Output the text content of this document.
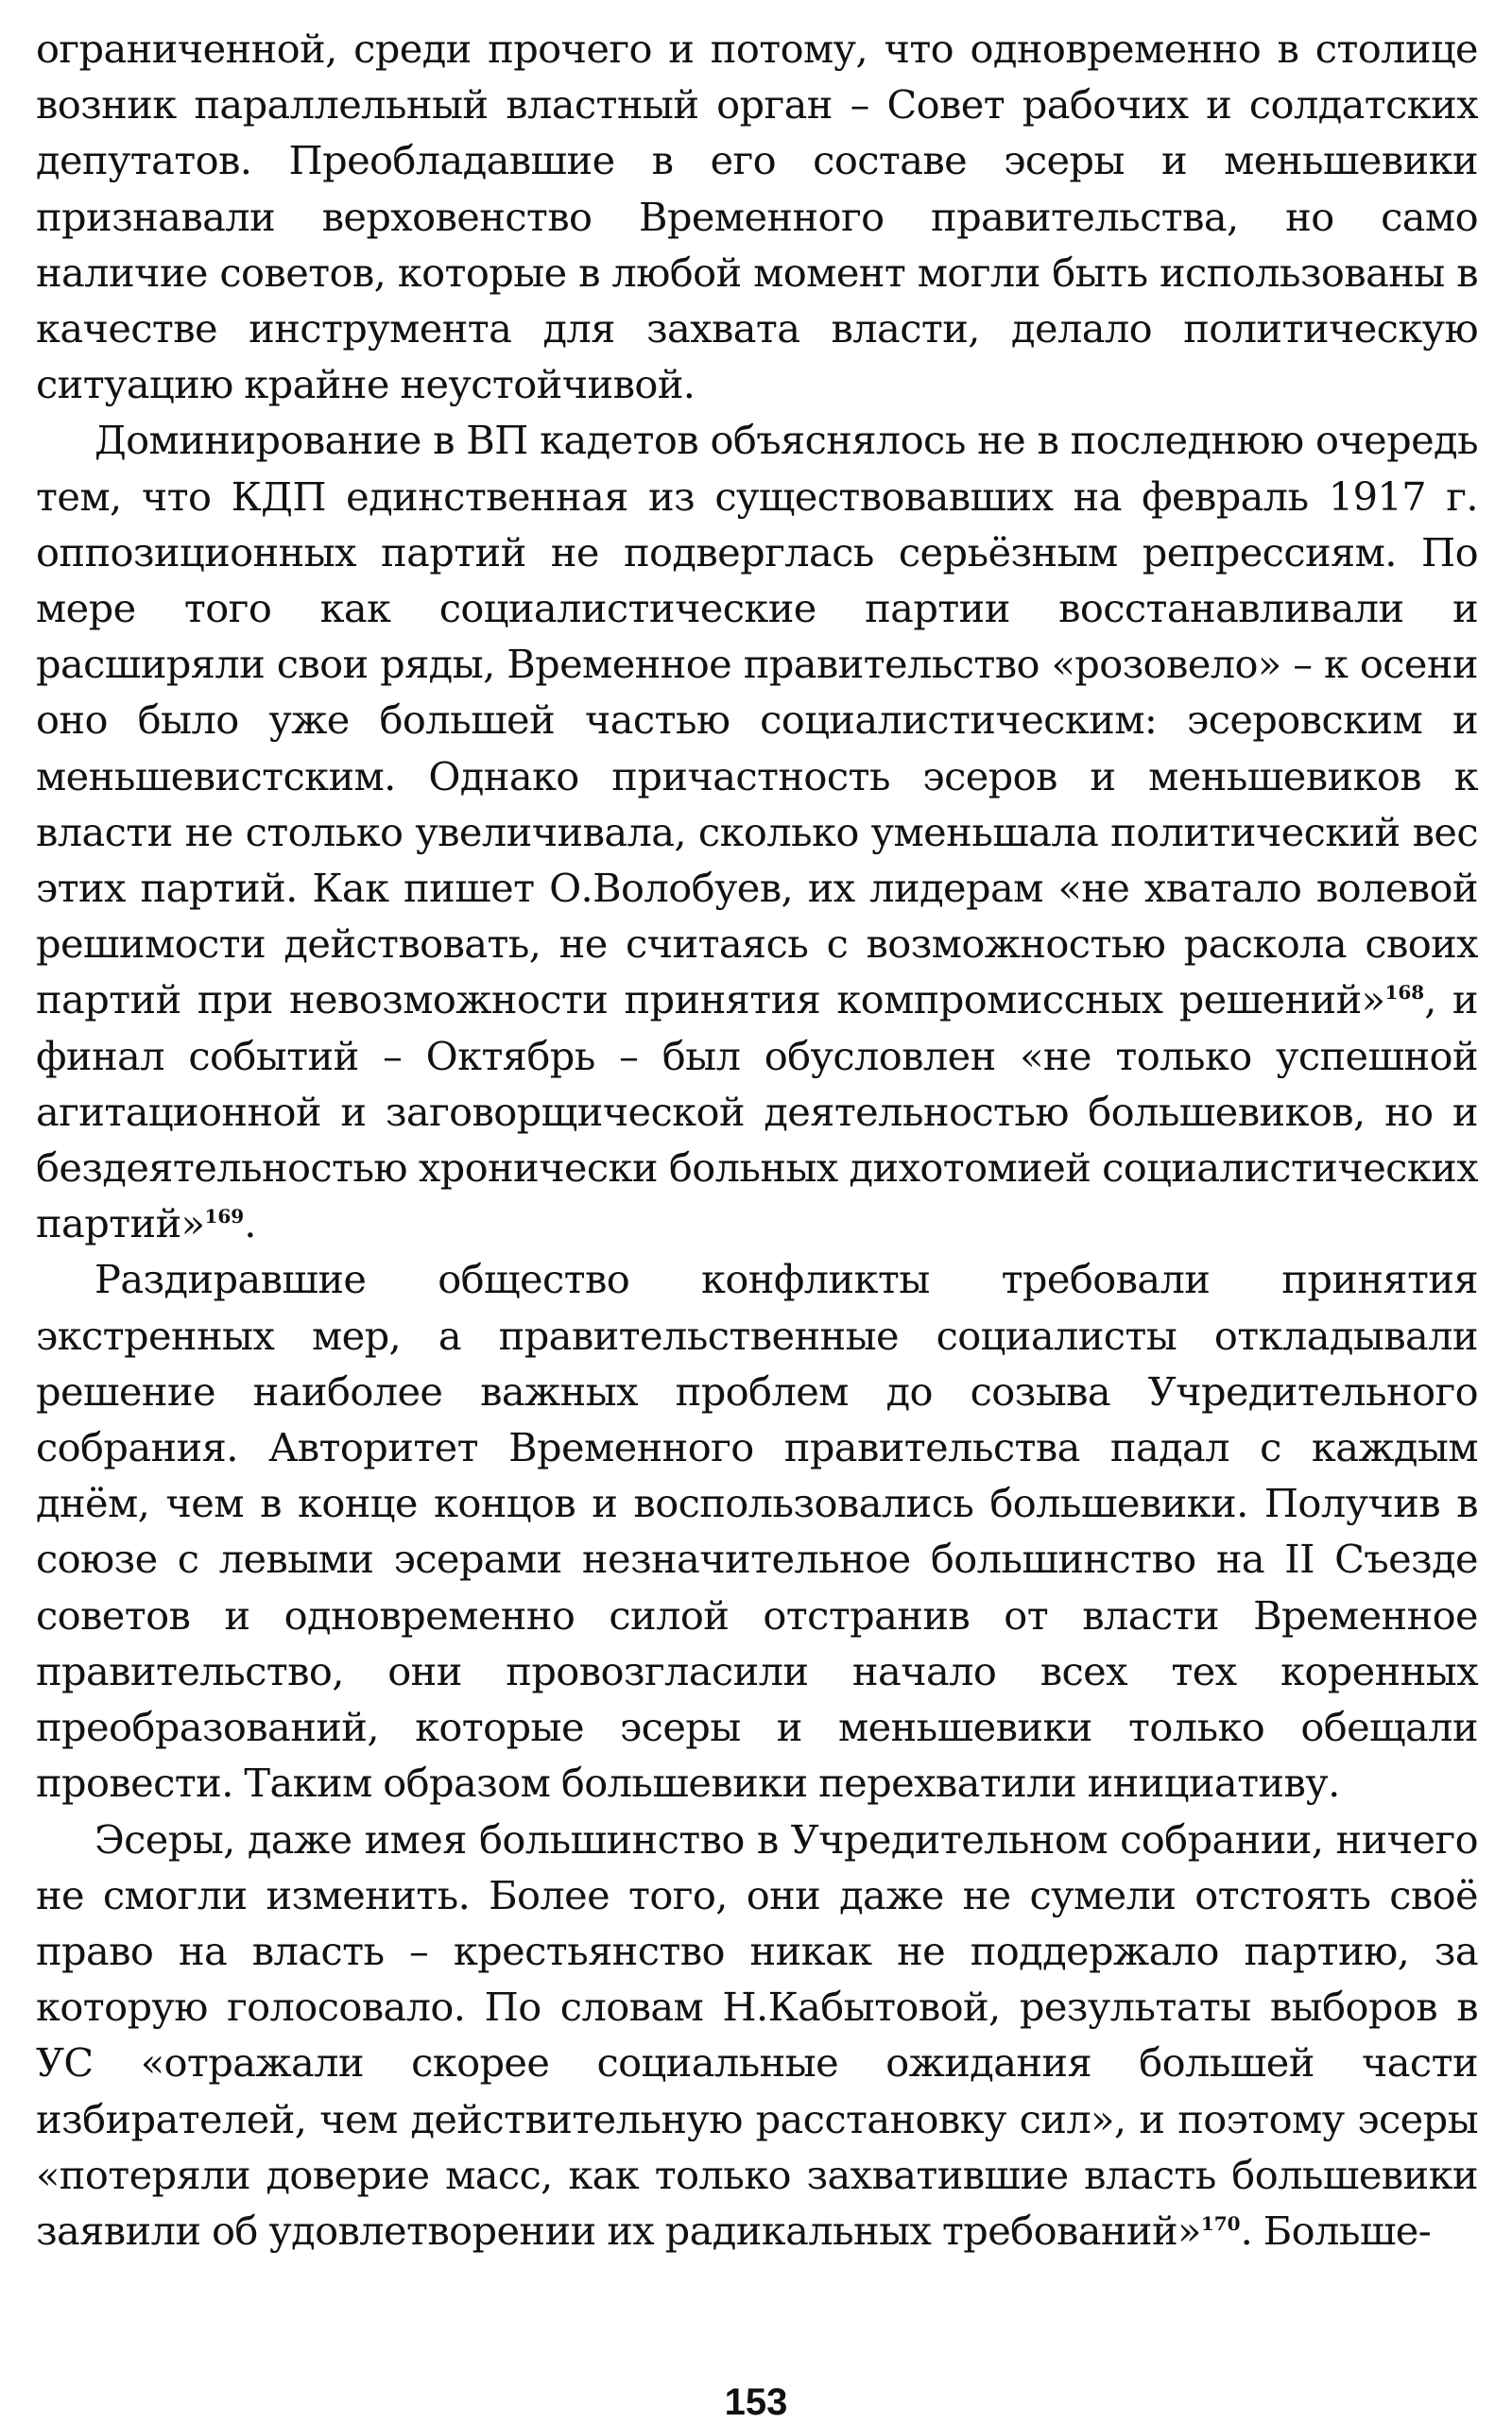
ограниченной, среди прочего и потому, что одновременно в столице возник параллельный властный орган – Совет рабочих и солдатских депутатов. Преобладавшие в его составе эсеры и меньшевики признавали верховенство Временного правительства, но само наличие советов, которые в любой момент могли быть использованы в качестве инструмента для захвата власти, делало политическую ситуацию крайне неустойчивой.

Доминирование в ВП кадетов объяснялось не в последнюю очередь тем, что КДП единственная из существовавших на февраль 1917 г. оппозиционных партий не подверглась серьёзным репрессиям. По мере того как социалистические партии восстанавливали и расширяли свои ряды, Временное правительство «розовело» – к осени оно было уже большей частью социалистическим: эсеровским и меньшевистским. Однако причастность эсеров и меньшевиков к власти не столько увеличивала, сколько уменьшала политический вес этих партий. Как пишет О.Волобуев, их лидерам «не хватало волевой решимости действовать, не считаясь с возможностью раскола своих партий при невозможности принятия компромиссных решений»$^{168}$, и финал событий – Октябрь – был обусловлен «не только успешной агитационной и заговорщической деятельностью большевиков, но и бездеятельностью хронически больных дихотомией социалистических партий»$^{169}$.

Раздиравшие общество конфликты требовали принятия экстренных мер, а правительственные социалисты откладывали решение наиболее важных проблем до созыва Учредительного собрания. Авторитет Временного правительства падал с каждым днём, чем в конце концов и воспользовались большевики. Получив в союзе с левыми эсерами незначительное большинство на II Съезде советов и одновременно силой отстранив от власти Временное правительство, они провозгласили начало всех тех коренных преобразований, которые эсеры и меньшевики только обещали провести. Таким образом большевики перехватили инициативу.

Эсеры, даже имея большинство в Учредительном собрании, ничего не смогли изменить. Более того, они даже не сумели отстоять своё право на власть – крестьянство никак не поддержало партию, за которую голосовало. По словам Н.Кабытовой, результаты выборов в УС «отражали скорее социальные ожидания большей части избирателей, чем действительную расстановку сил», и поэтому эсеры «потеряли доверие масс, как только захватившие власть большевики заявили об удовлетворении их радикальных требований»$^{170}$. Больше-

153
